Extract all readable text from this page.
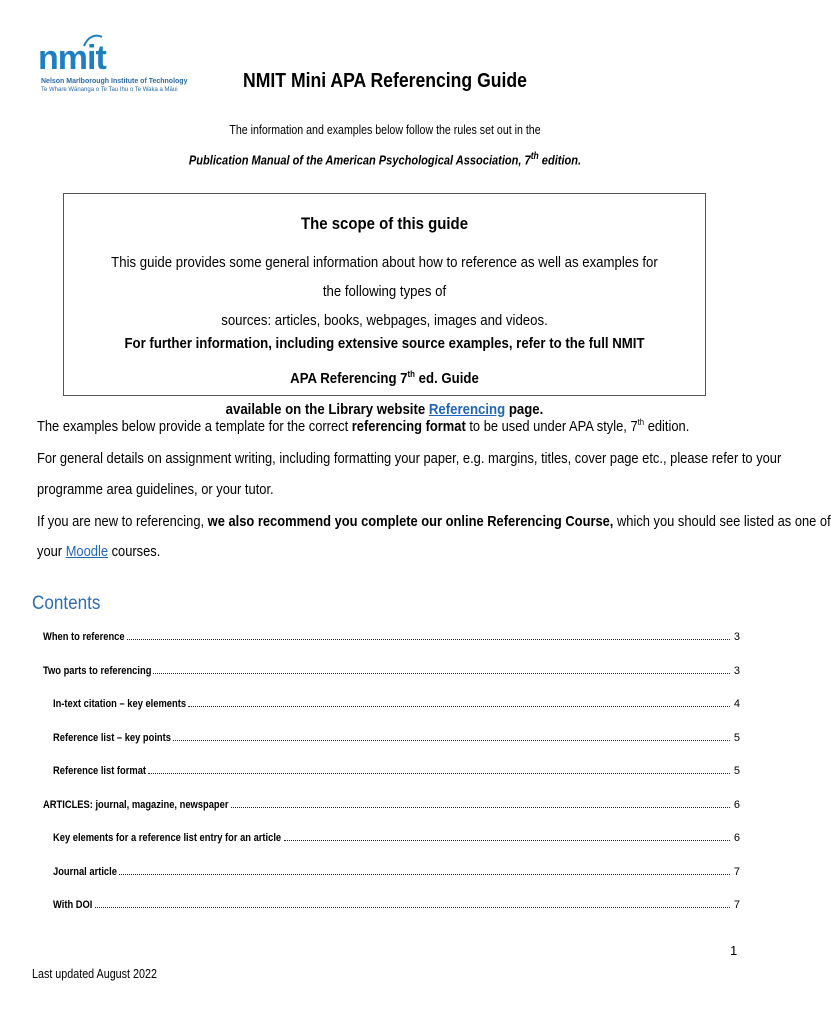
nmit
Nelson Marlborough Institute of Technology
Te Whare Wānanga o Te Tau Ihu o Te Waka a Māui	NMIT Mini APA Referencing Guide
The information and examples below follow the rules set out in the
Publication Manual of the American Psychological Association, 7th edition.
The scope of this guide
This guide provides some general information about how to reference as well as examples for the following types of
sources: articles, books, webpages, images and videos.
For further information, including extensive source examples, refer to the full NMIT APA Referencing 7th ed. Guide
available on the Library website Referencing page.
The examples below provide a template for the correct referencing format to be used under APA style, 7th edition.
For general details on assignment writing, including formatting your paper, e.g. margins, titles, cover page etc., please refer to your
programme area guidelines, or your tutor.
If you are new to referencing, we also recommend you complete our online Referencing Course, which you should see listed as one of
your Moodle courses.
Contents
When to reference	3
Two parts to referencing	3
In-text citation – key elements	4
Reference list – key points	5
Reference list format	5
ARTICLES: journal, magazine, newspaper	6
Key elements for a reference list entry for an article	6
Journal article	7
With DOI	7
1
Last updated August 2022
